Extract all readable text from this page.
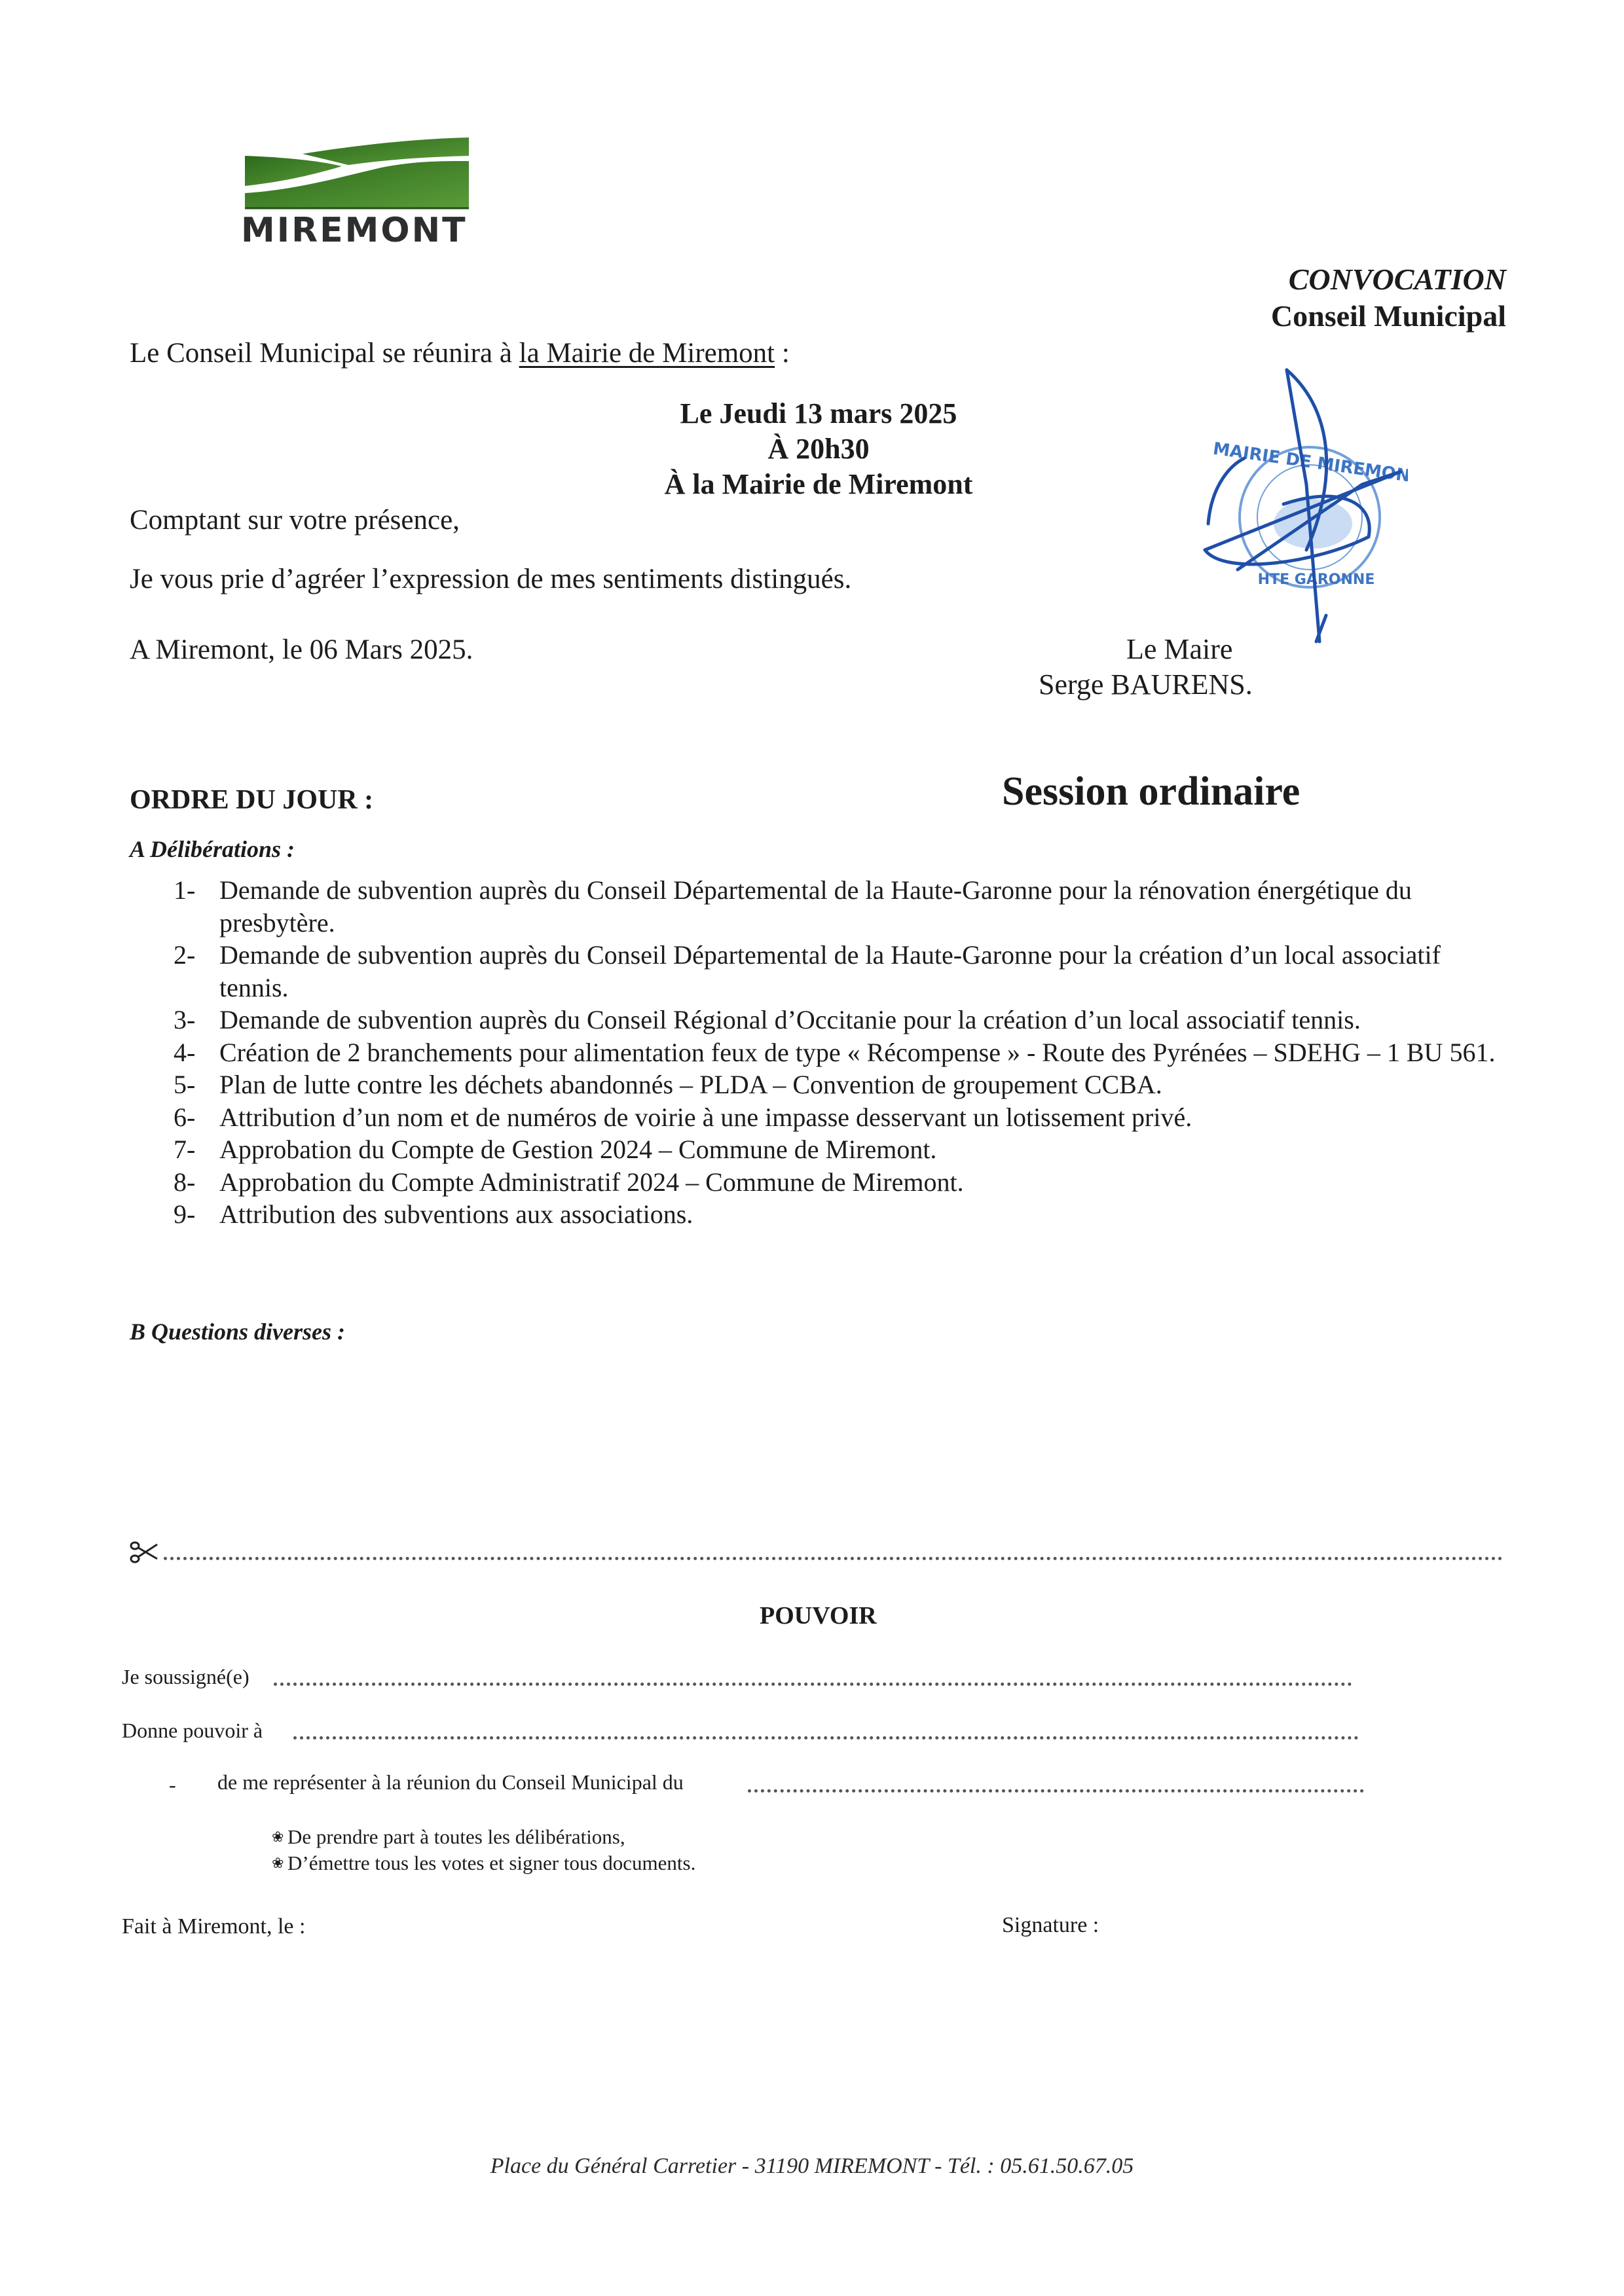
MIREMONT
CONVOCATION
Conseil Municipal
Le Conseil Municipal se réunira à la Mairie de Miremont :
Le Jeudi 13 mars 2025
À 20h30
À la Mairie de Miremont
Comptant sur votre présence,
Je vous prie d’agréer l’expression de mes sentiments distingués.
A Miremont, le 06 Mars 2025.
MAIRIE DE MIREMONT
HTE GARONNE
Le Maire
Serge BAURENS.
ORDRE DU JOUR :	Session ordinaire
A Délibérations :
1- Demande de subvention auprès du Conseil Départemental de la Haute-Garonne pour la rénovation énergétique du presbytère.
2- Demande de subvention auprès du Conseil Départemental de la Haute-Garonne pour la création d’un local associatif tennis.
3- Demande de subvention auprès du Conseil Régional d’Occitanie pour la création d’un local associatif tennis.
4- Création de 2 branchements pour alimentation feux de type « Récompense » - Route des Pyrénées – SDEHG – 1 BU 561.
5- Plan de lutte contre les déchets abandonnés – PLDA – Convention de groupement CCBA.
6- Attribution d’un nom et de numéros de voirie à une impasse desservant un lotissement privé.
7- Approbation du Compte de Gestion 2024 – Commune de Miremont.
8- Approbation du Compte Administratif 2024 – Commune de Miremont.
9- Attribution des subventions aux associations.
B Questions diverses :
POUVOIR
Je soussigné(e)
Donne pouvoir à
- de me représenter à la réunion du Conseil Municipal du
❀ De prendre part à toutes les délibérations,
❀ D’émettre tous les votes et signer tous documents.
Fait à Miremont, le :	Signature :
Place du Général Carretier - 31190 MIREMONT - Tél. : 05.61.50.67.05
